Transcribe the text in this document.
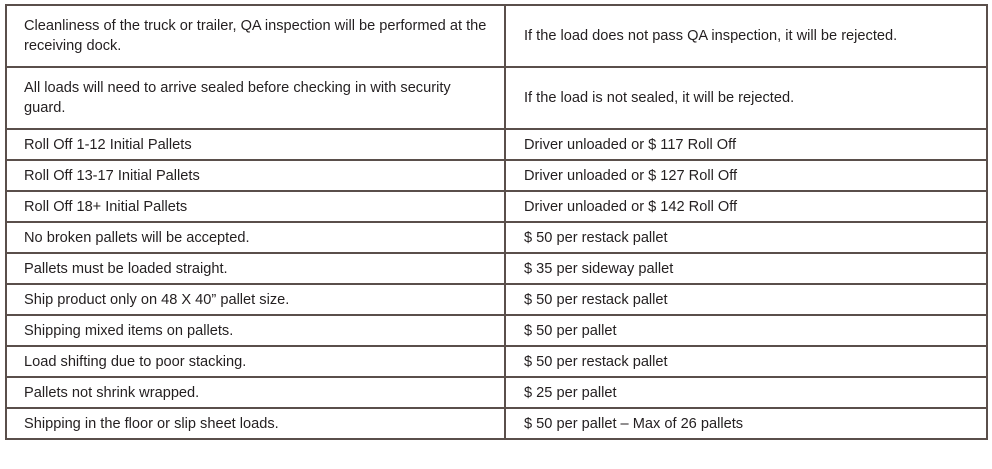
Cleanliness of the truck or trailer, QA inspection will be performed at the receiving dock.	If the load does not pass QA inspection, it will be rejected.
All loads will need to arrive sealed before checking in with security guard.	If the load is not sealed, it will be rejected.
Roll Off 1-12 Initial Pallets	Driver unloaded or $ 117 Roll Off
Roll Off 13-17 Initial Pallets	Driver unloaded or $ 127 Roll Off
Roll Off 18+ Initial Pallets	Driver unloaded or $ 142 Roll Off
No broken pallets will be accepted.	$ 50 per restack pallet
Pallets must be loaded straight.	$ 35 per sideway pallet
Ship product only on 48 X 40” pallet size.	$ 50 per restack pallet
Shipping mixed items on pallets.	$ 50 per pallet
Load shifting due to poor stacking.	$ 50 per restack pallet
Pallets not shrink wrapped.	$ 25 per pallet
Shipping in the floor or slip sheet loads.	$ 50 per pallet – Max of 26 pallets
